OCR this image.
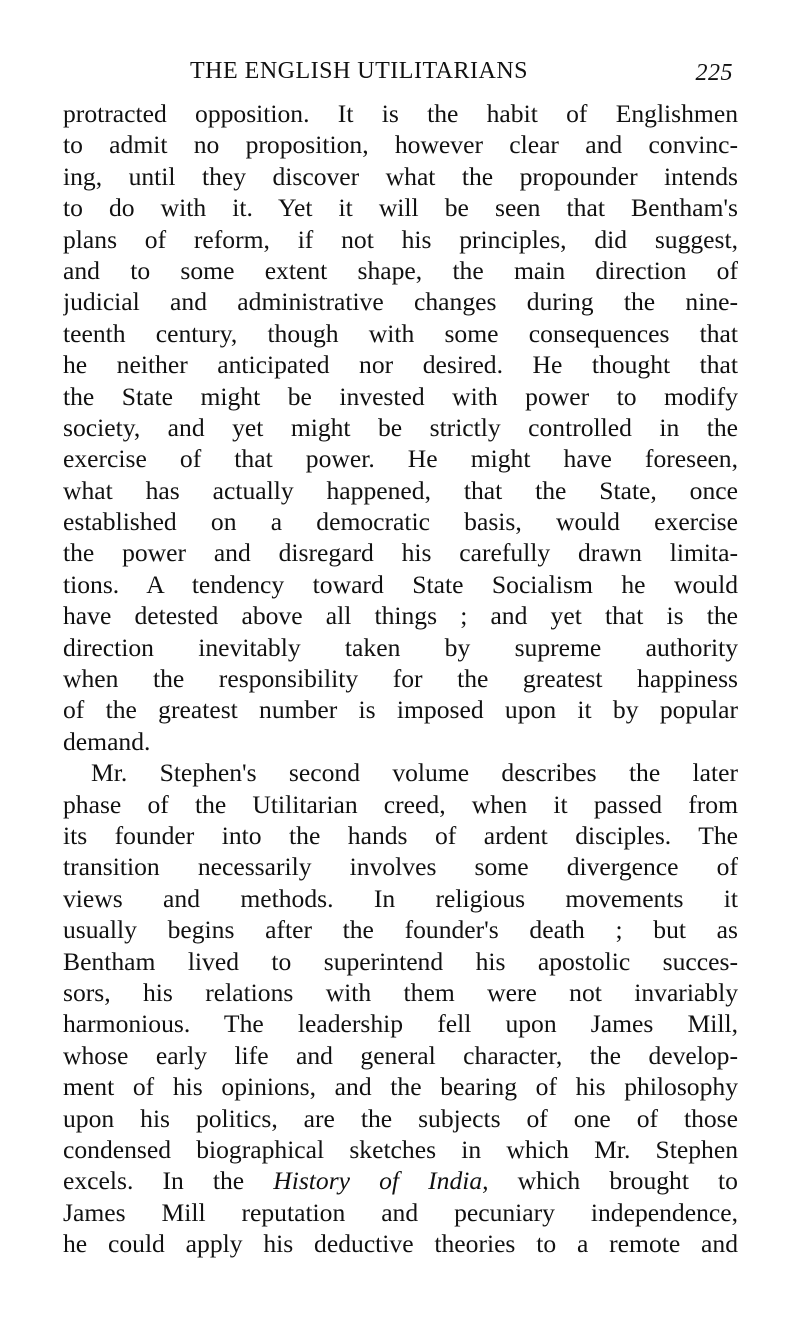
THE ENGLISH UTILITARIANS	225
protracted opposition. It is the habit of Englishmen
to admit no proposition, however clear and convinc-
ing, until they discover what the propounder intends
to do with it. Yet it will be seen that Bentham's
plans of reform, if not his principles, did suggest,
and to some extent shape, the main direction of
judicial and administrative changes during the nine-
teenth century, though with some consequences that
he neither anticipated nor desired. He thought that
the State might be invested with power to modify
society, and yet might be strictly controlled in the
exercise of that power. He might have foreseen,
what has actually happened, that the State, once
established on a democratic basis, would exercise
the power and disregard his carefully drawn limita-
tions. A tendency toward State Socialism he would
have detested above all things ; and yet that is the
direction inevitably taken by supreme authority
when the responsibility for the greatest happiness
of the greatest number is imposed upon it by popular
demand.
Mr. Stephen's second volume describes the later
phase of the Utilitarian creed, when it passed from
its founder into the hands of ardent disciples. The
transition necessarily involves some divergence of
views and methods. In religious movements it
usually begins after the founder's death ; but as
Bentham lived to superintend his apostolic succes-
sors, his relations with them were not invariably
harmonious. The leadership fell upon James Mill,
whose early life and general character, the develop-
ment of his opinions, and the bearing of his philosophy
upon his politics, are the subjects of one of those
condensed biographical sketches in which Mr. Stephen
excels. In the History of India, which brought to
James Mill reputation and pecuniary independence,
he could apply his deductive theories to a remote and
